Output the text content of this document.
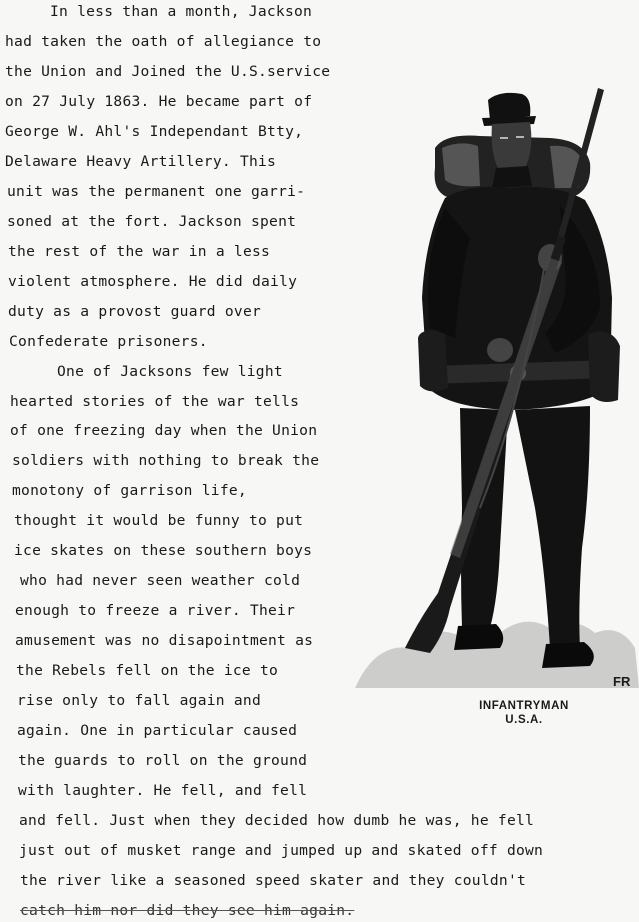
In less than a month, Jackson
had taken the oath of allegiance to
the Union and Joined the U.S.service
on 27 July 1863. He became part of
George W. Ahl's Independant Btty,
Delaware Heavy Artillery. This
unit was the permanent one garri-
soned at the fort. Jackson spent
the rest of the war in a less
violent atmosphere. He did daily
duty as a provost guard over
Confederate prisoners.
One of Jacksons few light
hearted stories of the war tells
of one freezing day when the Union
soldiers with nothing to break the
monotony of garrison life,
thought it would be funny to put
ice skates on these southern boys
who had never seen weather cold
enough to freeze a river. Their
amusement was no disapointment as
the Rebels fell on the ice to
rise only to fall again and
again. One in particular caused
the guards to roll on the ground
with laughter. He fell, and fell
and fell. Just when they decided how dumb he was, he fell
just out of musket range and jumped up and skated off down
the river like a seasoned speed skater and they couldn't
catch him nor did they see him again.
FR
INFANTRYMAN
U.S.A.
